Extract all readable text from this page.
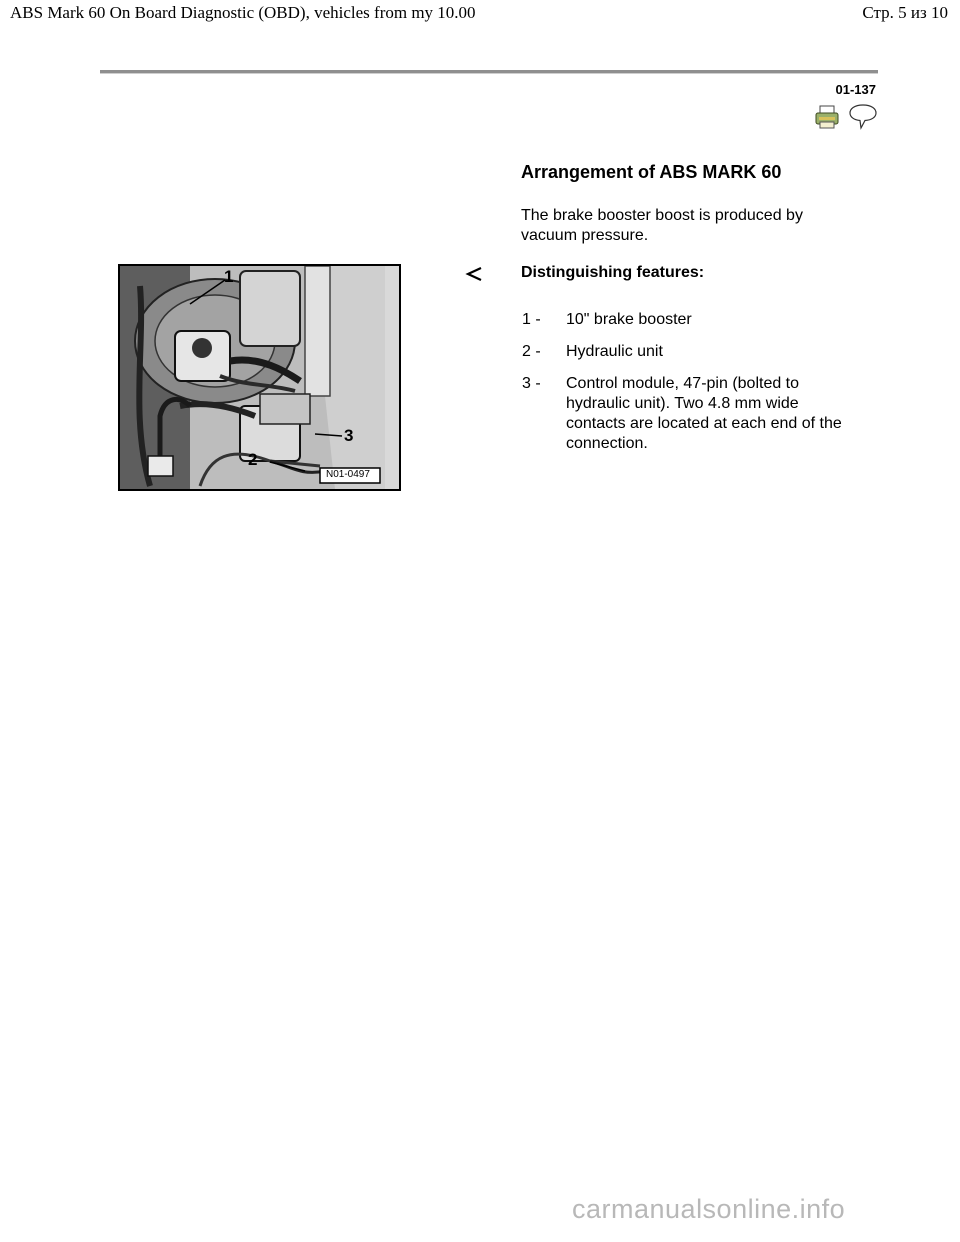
ABS Mark 60 On Board Diagnostic (OBD), vehicles from my 10.00	Стр. 5 из 10
01-137
Arrangement of ABS MARK 60
The brake booster boost is produced by vacuum pressure.
Distinguishing features:
1 -	10" brake booster
2 -	Hydraulic unit
3 -	Control module, 47-pin (bolted to hydraulic unit). Two 4.8 mm wide contacts are located at each end of the connection.
1
2
3
N01-0497
carmanualsonline.info
